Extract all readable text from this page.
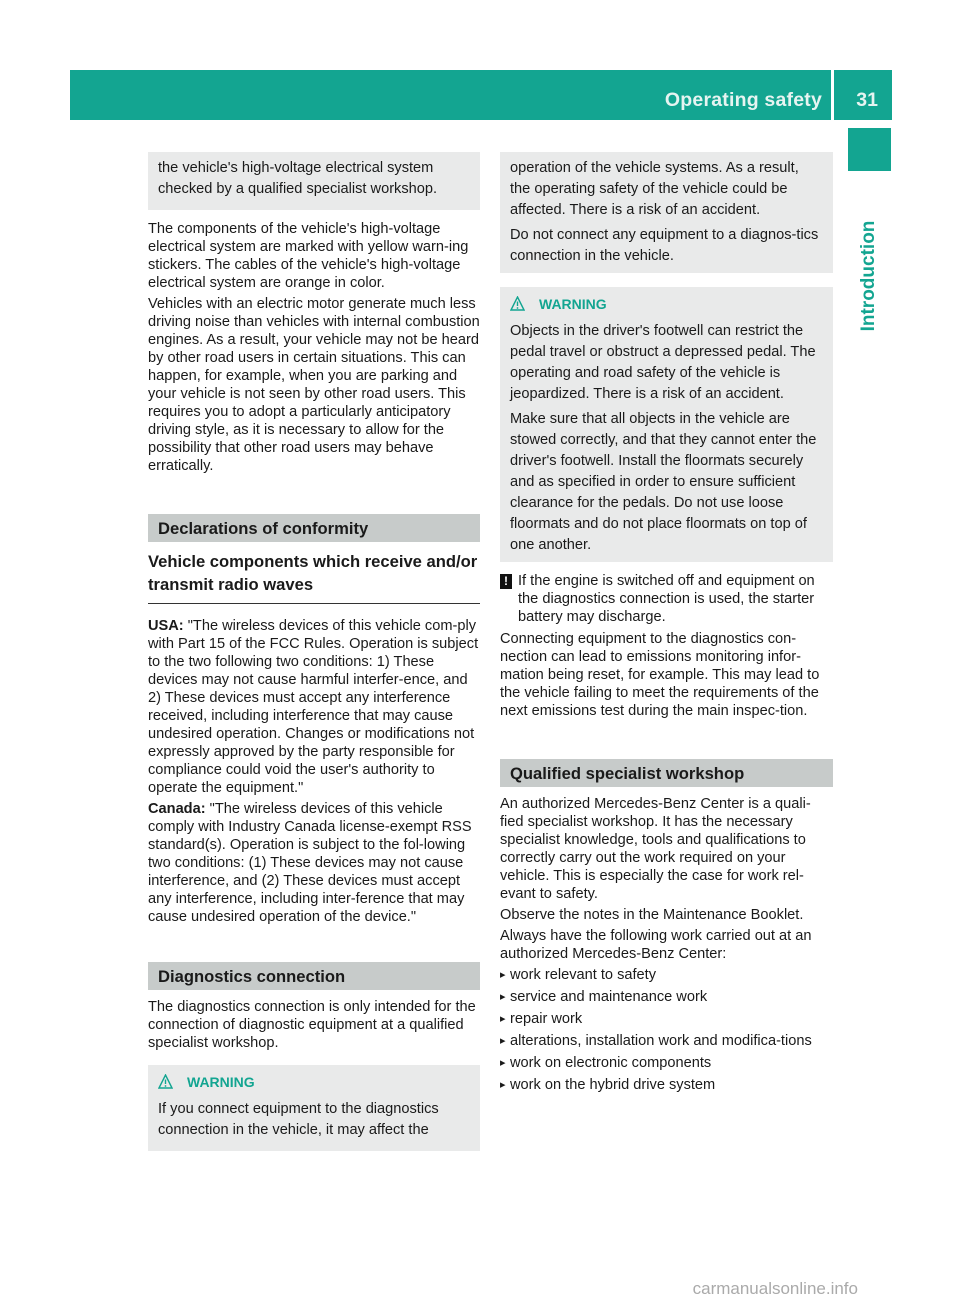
Operating safety 31
Introduction

the vehicle's high-voltage electrical system checked by a qualified specialist workshop.

The components of the vehicle's high-voltage electrical system are marked with yellow warn-ing stickers. The cables of the vehicle's high-voltage electrical system are orange in color.

Vehicles with an electric motor generate much less driving noise than vehicles with internal combustion engines. As a result, your vehicle may not be heard by other road users in certain situations. This can happen, for example, when you are parking and your vehicle is not seen by other road users. This requires you to adopt a particularly anticipatory driving style, as it is necessary to allow for the possibility that other road users may behave erratically.

Declarations of conformity
Vehicle components which receive and/or transmit radio waves

USA: "The wireless devices of this vehicle com-ply with Part 15 of the FCC Rules. Operation is subject to the two following two conditions: 1) These devices may not cause harmful interfer-ence, and 2) These devices must accept any interference received, including interference that may cause undesired operation. Changes or modifications not expressly approved by the party responsible for compliance could void the user's authority to operate the equipment."

Canada: "The wireless devices of this vehicle comply with Industry Canada license-exempt RSS standard(s). Operation is subject to the fol-lowing two conditions: (1) These devices may not cause interference, and (2) These devices must accept any interference, including inter-ference that may cause undesired operation of the device."

Diagnostics connection

The diagnostics connection is only intended for the connection of diagnostic equipment at a qualified specialist workshop.

WARNING

If you connect equipment to the diagnostics connection in the vehicle, it may affect the

operation of the vehicle systems. As a result, the operating safety of the vehicle could be affected. There is a risk of an accident.

Do not connect any equipment to a diagnos-tics connection in the vehicle.

WARNING

Objects in the driver's footwell can restrict the pedal travel or obstruct a depressed pedal. The operating and road safety of the vehicle is jeopardized. There is a risk of an accident.

Make sure that all objects in the vehicle are stowed correctly, and that they cannot enter the driver's footwell. Install the floormats securely and as specified in order to ensure sufficient clearance for the pedals. Do not use loose floormats and do not place floormats on top of one another.

! If the engine is switched off and equipment on the diagnostics connection is used, the starter battery may discharge.

Connecting equipment to the diagnostics con-nection can lead to emissions monitoring infor-mation being reset, for example. This may lead to the vehicle failing to meet the requirements of the next emissions test during the main inspec-tion.

Qualified specialist workshop

An authorized Mercedes-Benz Center is a quali-fied specialist workshop. It has the necessary specialist knowledge, tools and qualifications to correctly carry out the work required on your vehicle. This is especially the case for work rel-evant to safety.

Observe the notes in the Maintenance Booklet.

Always have the following work carried out at an authorized Mercedes-Benz Center:

▸ work relevant to safety
▸ service and maintenance work
▸ repair work
▸ alterations, installation work and modifica-tions
▸ work on electronic components
▸ work on the hybrid drive system
carmanualsonline.info
